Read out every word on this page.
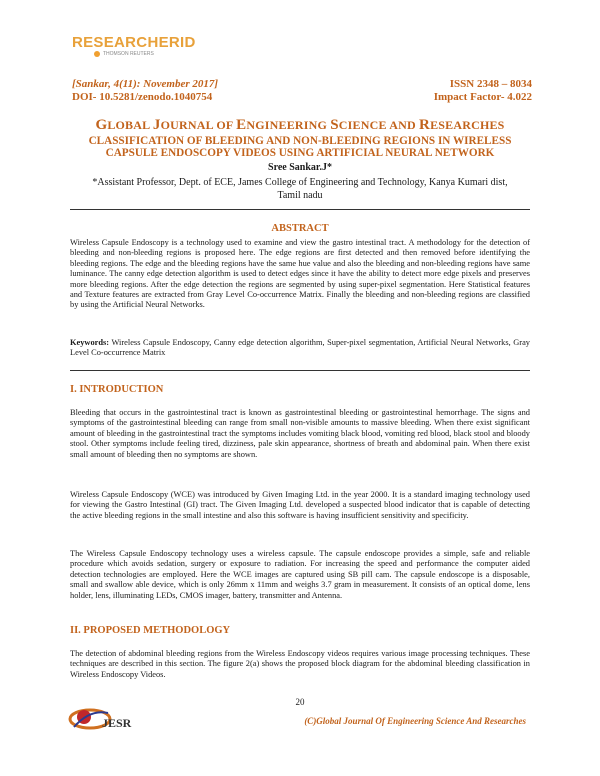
RESEARCHERID
THOMSON REUTERS
[Sankar, 4(11): November 2017]
DOI- 10.5281/zenodo.1040754
ISSN 2348 – 8034
Impact Factor- 4.022
GLOBAL JOURNAL OF ENGINEERING SCIENCE AND RESEARCHES
CLASSIFICATION OF BLEEDING AND NON-BLEEDING REGIONS IN WIRELESS
CAPSULE ENDOSCOPY VIDEOS USING ARTIFICIAL NEURAL NETWORK
Sree Sankar.J*
*Assistant Professor, Dept. of ECE, James College of Engineering and Technology, Kanya Kumari dist,
Tamil nadu
ABSTRACT
Wireless Capsule Endoscopy is a technology used to examine and view the gastro intestinal tract. A methodology for the detection of bleeding and non-bleeding regions is proposed here. The edge regions are first detected and then removed before identifying the bleeding regions. The edge and the bleeding regions have the same hue value and also the bleeding and non-bleeding regions have same luminance. The canny edge detection algorithm is used to detect edges since it have the ability to detect more edge pixels and preserves more bleeding regions. After the edge detection the regions are segmented by using super-pixel segmentation. Here Statistical features and Texture features are extracted from Gray Level Co-occurrence Matrix. Finally the bleeding and non-bleeding regions are classified by using the Artificial Neural Networks.
Keywords: Wireless Capsule Endoscopy, Canny edge detection algorithm, Super-pixel segmentation, Artificial Neural Networks, Gray Level Co-occurrence Matrix
I. INTRODUCTION
Bleeding that occurs in the gastrointestinal tract is known as gastrointestinal bleeding or gastrointestinal hemorrhage. The signs and symptoms of the gastrointestinal bleeding can range from small non-visible amounts to massive bleeding. When there exist significant amount of bleeding in the gastrointestinal tract the symptoms includes vomiting black blood, vomiting red blood, black stool and bloody stool. Other symptoms include feeling tired, dizziness, pale skin appearance, shortness of breath and abdominal pain. When there exist small amount of bleeding then no symptoms are shown.
Wireless Capsule Endoscopy (WCE) was introduced by Given Imaging Ltd. in the year 2000. It is a standard imaging technology used for viewing the Gastro Intestinal (GI) tract. The Given Imaging Ltd. developed a suspected blood indicator that is capable of detecting the active bleeding regions in the small intestine and also this software is having insufficient sensitivity and specificity.
The Wireless Capsule Endoscopy technology uses a wireless capsule. The capsule endoscope provides a simple, safe and reliable procedure which avoids sedation, surgery or exposure to radiation. For increasing the speed and performance the computer aided detection technologies are employed. Here the WCE images are captured using SB pill cam. The capsule endoscope is a disposable, small and swallow able device, which is only 26mm x 11mm and weighs 3.7 gram in measurement. It consists of an optical dome, lens holder, lens, illuminating LEDs, CMOS imager, battery, transmitter and Antenna.
II. PROPOSED METHODOLOGY
The detection of abdominal bleeding regions from the Wireless Endoscopy videos requires various image processing techniques. These techniques are described in this section. The figure 2(a) shows the proposed block diagram for the abdominal bleeding classification in Wireless Endoscopy Videos.
20
JESR	(C)Global Journal Of Engineering Science And Researches
